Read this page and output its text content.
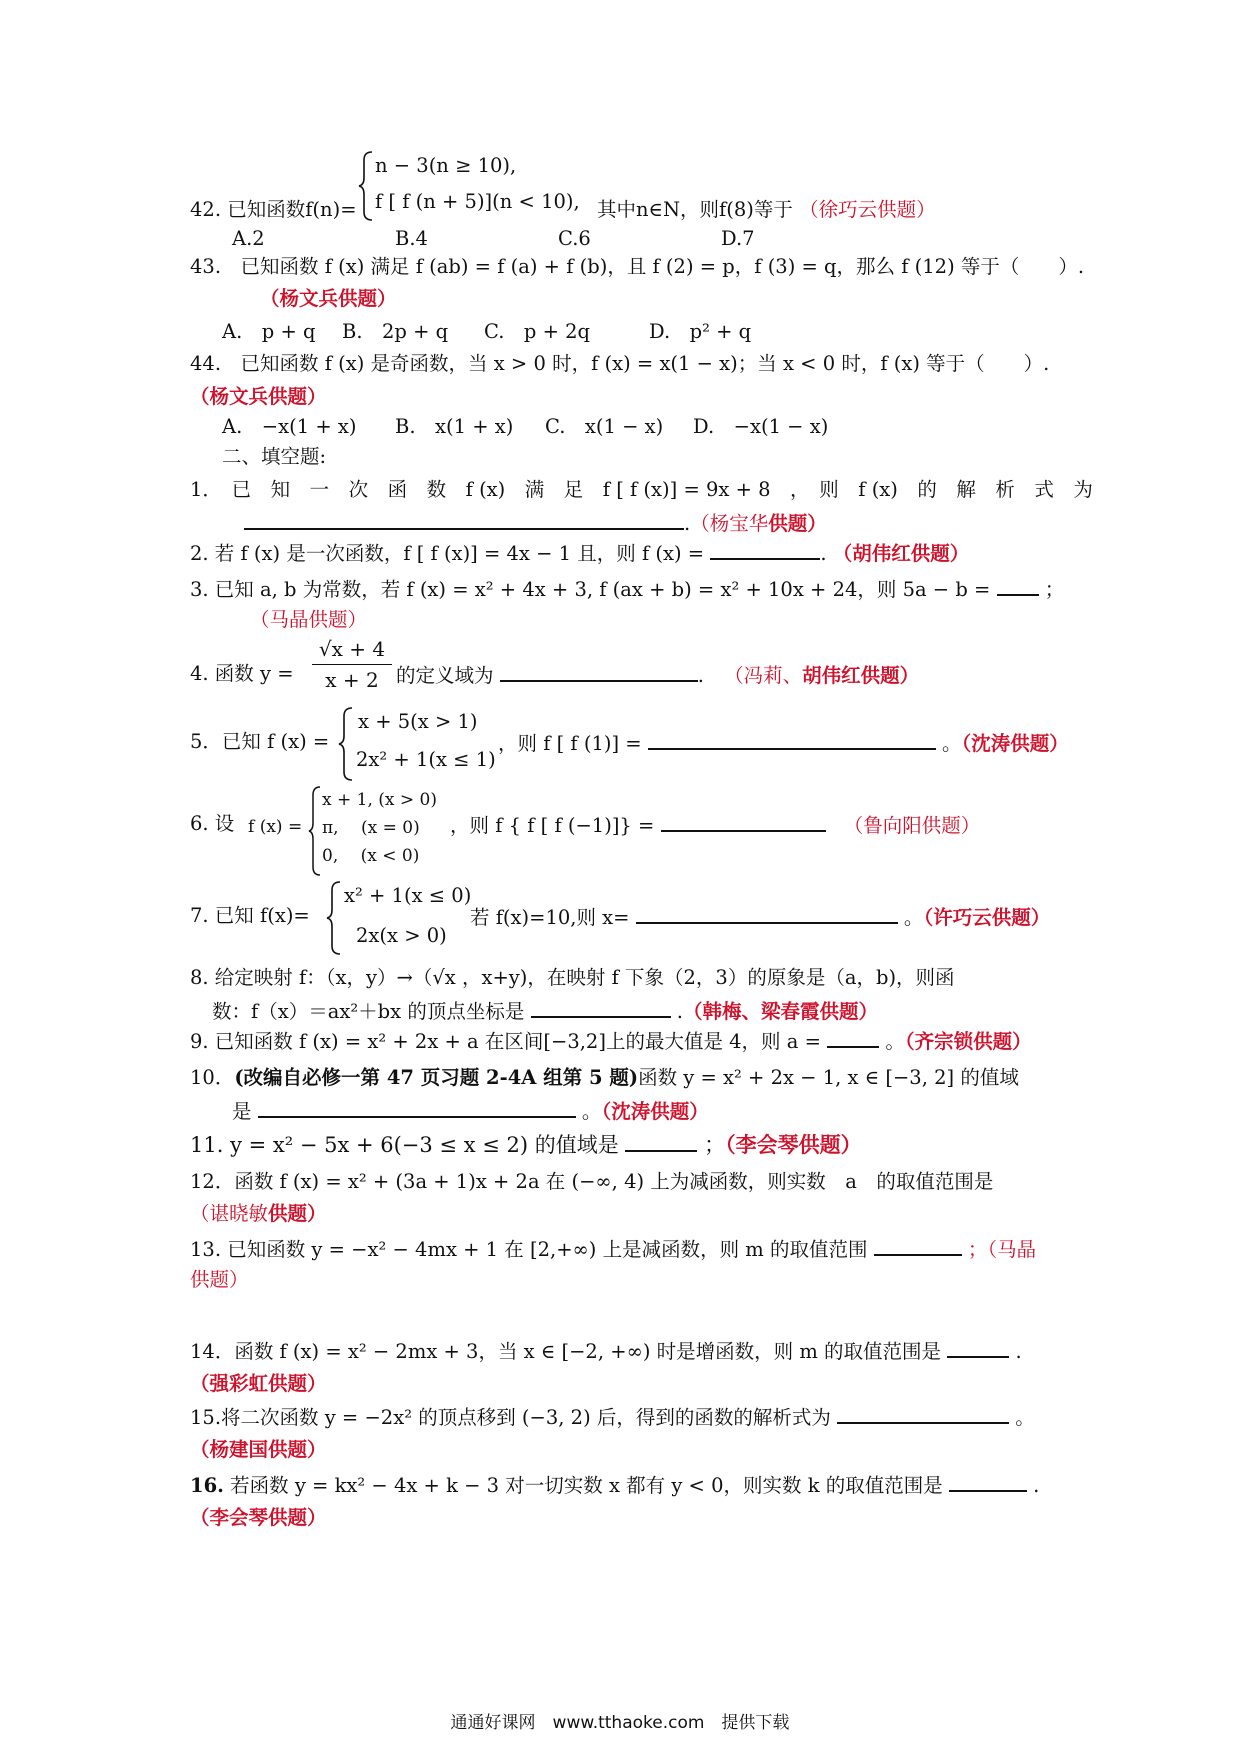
n − 3(n ≥ 10),
42. 已知函数f(n)= f [ f (n + 5)](n < 10), 其中n∈N，则f(8)等于 （徐巧云供题）
A.2	B.4	C.6	D.7
43.　已知函数 f (x) 满足 f (ab) = f (a) + f (b)，且 f (2) = p，f (3) = q，那么 f (12) 等于（　　）.
（杨文兵供题）
A.　p + q B.　2p + q C.　p + 2q	D.　p² + q
44.　已知函数 f (x) 是奇函数，当 x > 0 时，f (x) = x(1 − x)；当 x < 0 时，f (x) 等于（　　）.
（杨文兵供题）
A.　−x(1 + x) B.　x(1 + x) C.　x(1 − x) D.　−x(1 − x)
二、填空题:
1．　已　知　一　次　函　数　f (x)　满　足　f [ f (x)] = 9x + 8　，　则　f (x)　的　解　析　式　为
.（杨宝华供题）
2. 若 f (x) 是一次函数，f [ f (x)] = 4x − 1 且，则 f (x) =	. （胡伟红供题）
3. 已知 a, b 为常数，若 f (x) = x² + 4x + 3, f (ax + b) = x² + 10x + 24，则 5a − b =	；
（马晶供题）
4. 函数 $y = \frac{√x + 4}{x + 2}$ 的定义域为	. （冯莉、胡伟红供题）
5．已知 f (x) =
x + 5(x > 1)
2x² + 1(x ≤ 1)
，则 f [ f (1)] =	。（沈涛供题）
6. 设 f (x) =
x + 1, (x > 0)
π,　 (x = 0)
0,　 (x < 0)
，则 f { f [ f (−1)]} =	（鲁向阳供题）
7. 已知 f(x)=
x² + 1(x ≤ 0)
2x(x > 0)
若 f(x)=10,则 x=	。（许巧云供题）
8. 给定映射 f：（x，y）→（√x ，x+y)，在映射 f 下象（2，3）的原象是（a，b)，则函
数：f（x）＝ax²＋bx 的顶点坐标是	.（韩梅、梁春霞供题）
9. 已知函数 f (x) = x² + 2x + a 在区间[−3,2]上的最大值是 4，则 a =	。（齐宗锁供题）
10．(改编自必修一第 47 页习题 2-4A 组第 5 题)函数 y = x² + 2x − 1, x ∈ [−3, 2] 的值域
是	。（沈涛供题）
11. y = x² − 5x + 6(−3 ≤ x ≤ 2) 的值域是	；（李会琴供题）
12．函数 f (x) = x² + (3a + 1)x + 2a 在 (−∞, 4) 上为减函数，则实数　a　的取值范围是
（谌晓敏供题）
13. 已知函数 y = −x² − 4mx + 1 在 [2,+∞) 上是减函数，则 m 的取值范围	；（马晶
供题）
14．函数 f (x) = x² − 2mx + 3，当 x ∈ [−2, +∞) 时是增函数，则 m 的取值范围是	.
（强彩虹供题）
15.将二次函数 y = −2x² 的顶点移到 (−3, 2) 后，得到的函数的解析式为	。
（杨建国供题）
16. 若函数 y = kx² − 4x + k − 3 对一切实数 x 都有 y < 0，则实数 k 的取值范围是	.
（李会琴供题）
通通好课网　www.tthaoke.com　提供下载
